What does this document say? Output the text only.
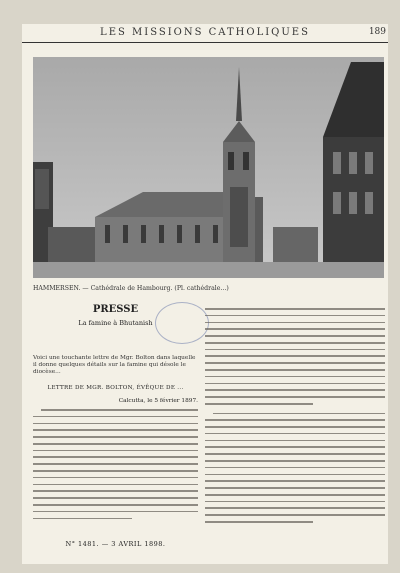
LES MISSIONS CATHOLIQUES	189
HAMMERSEN. — Cathédrale de Hambourg. (Pl. cathédrale...)
PRESSE
La famine à Bhutanish
Voici une touchante lettre de Mgr. Bolton dans laquelle il donne quelques détails sur la famine qui désole le diocèse...
LETTRE DE MGR. BOLTON, ÉVÊQUE DE ...
Calcutta, le 5 février 1897.
N° 1481. — 3 AVRIL 1898.
